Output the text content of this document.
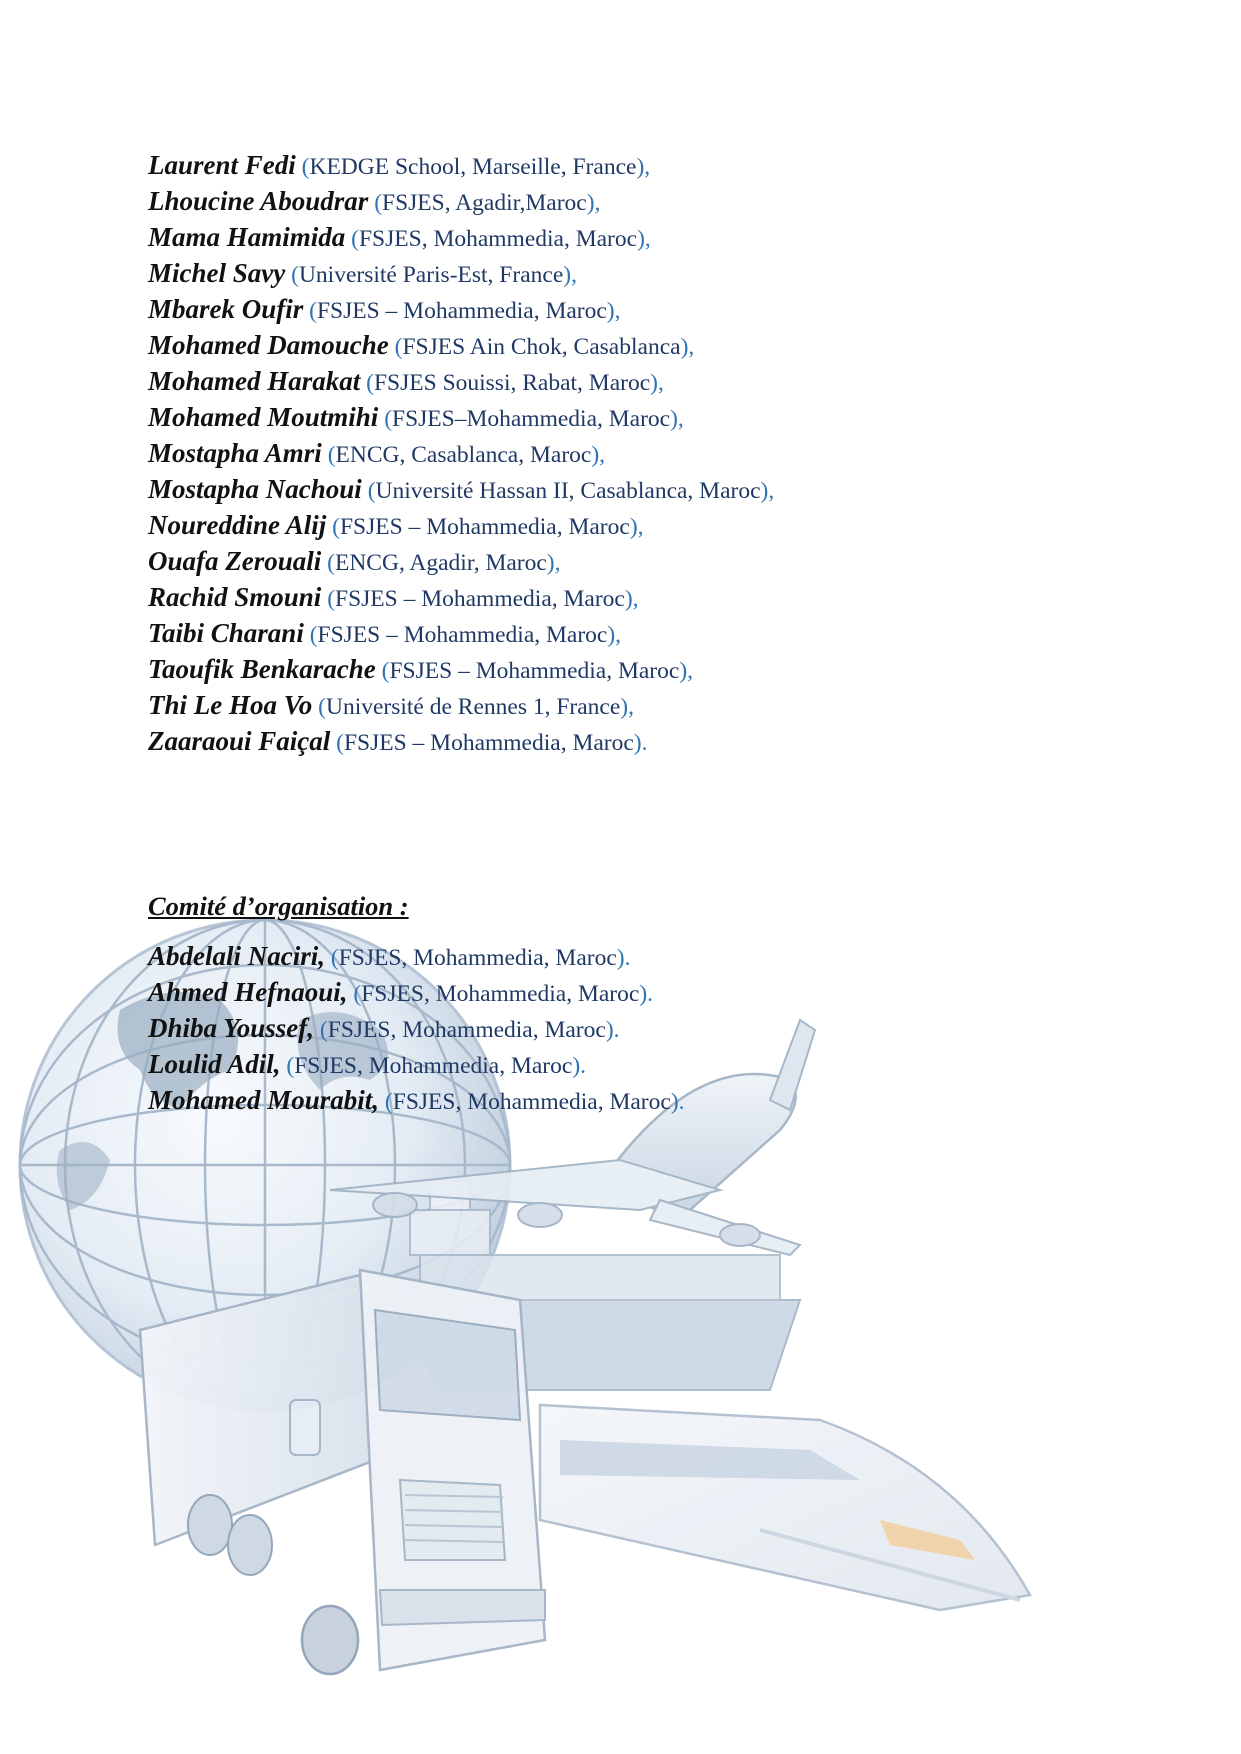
Laurent Fedi (KEDGE School, Marseille, France),
Lhoucine Aboudrar (FSJES, Agadir,Maroc),
Mama Hamimida (FSJES, Mohammedia, Maroc),
Michel Savy (Université Paris-Est, France),
Mbarek Oufir (FSJES – Mohammedia, Maroc),
Mohamed Damouche (FSJES Ain Chok, Casablanca),
Mohamed Harakat (FSJES Souissi, Rabat, Maroc),
Mohamed Moutmihi (FSJES–Mohammedia, Maroc),
Mostapha Amri (ENCG, Casablanca, Maroc),
Mostapha Nachoui (Université Hassan II, Casablanca, Maroc),
Noureddine Alij (FSJES – Mohammedia, Maroc),
Ouafa Zerouali (ENCG, Agadir, Maroc),
Rachid Smouni (FSJES – Mohammedia, Maroc),
Taibi Charani (FSJES – Mohammedia, Maroc),
Taoufik Benkarache (FSJES – Mohammedia, Maroc),
Thi Le Hoa Vo (Université de Rennes 1, France),
Zaaraoui Faiçal (FSJES – Mohammedia, Maroc).
Comité d’organisation :
Abdelali Naciri, (FSJES, Mohammedia, Maroc).
Ahmed Hefnaoui, (FSJES, Mohammedia, Maroc).
Dhiba Youssef, (FSJES, Mohammedia, Maroc).
Loulid Adil, (FSJES, Mohammedia, Maroc).
Mohamed Mourabit, (FSJES, Mohammedia, Maroc).
